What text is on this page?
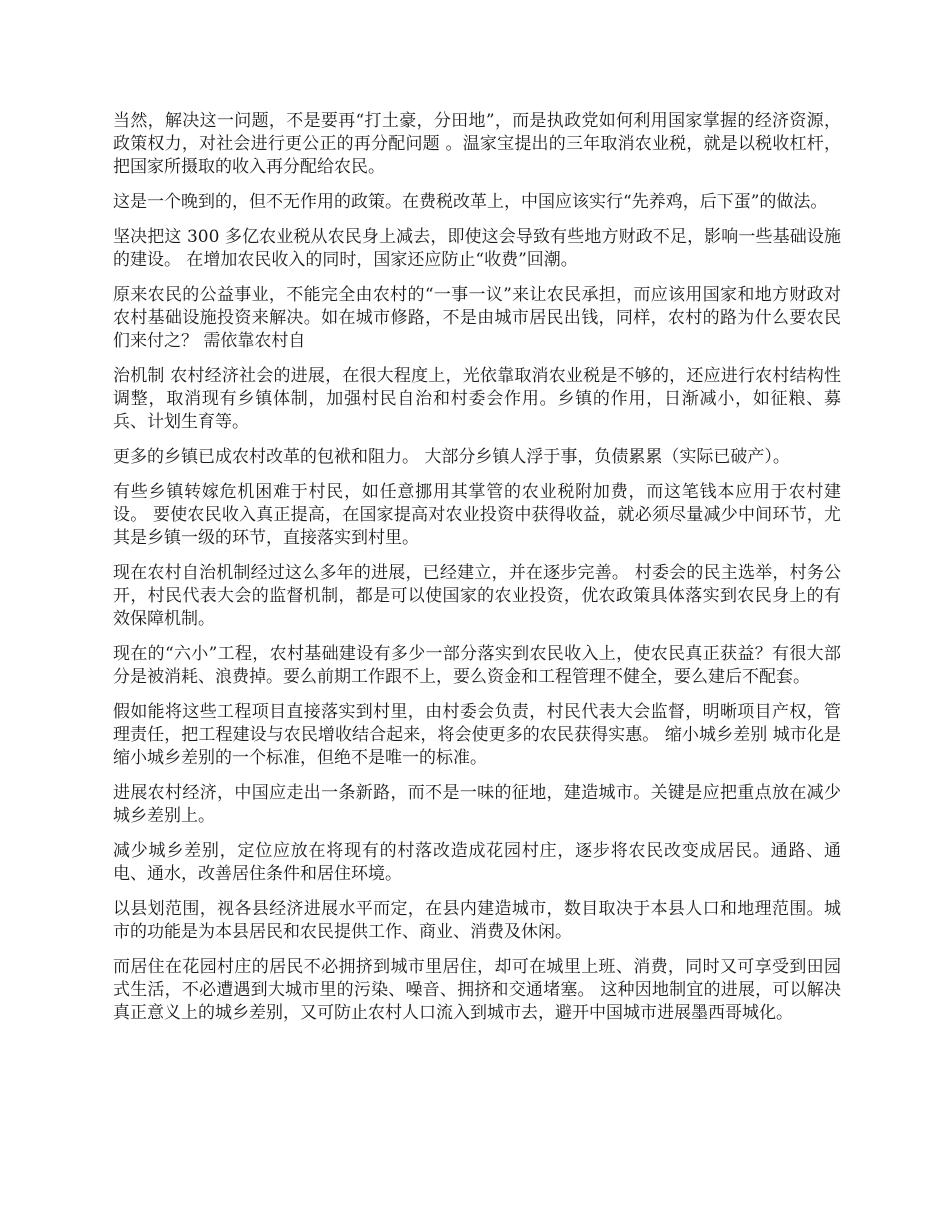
当然，解决这一问题，不是要再“打土豪，分田地”，而是执政党如何利用国家掌握的经济资源，政策权力，对社会进行更公正的再分配问题 。温家宝提出的三年取消农业税，就是以税收杠杆，把国家所摄取的收入再分配给农民。

这是一个晚到的，但不无作用的政策。在费税改革上，中国应该实行“先养鸡，后下蛋”的做法。

坚决把这 300 多亿农业税从农民身上减去，即使这会导致有些地方财政不足，影响一些基础设施的建设。 在增加农民收入的同时，国家还应防止“收费”回潮。

原来农民的公益事业，不能完全由农村的“一事一议”来让农民承担，而应该用国家和地方财政对农村基础设施投资来解决。如在城市修路，不是由城市居民出钱，同样，农村的路为什么要农民们来付之？ 需依靠农村自

治机制 农村经济社会的进展，在很大程度上，光依靠取消农业税是不够的，还应进行农村结构性调整，取消现有乡镇体制，加强村民自治和村委会作用。乡镇的作用，日渐减小，如征粮、募兵、计划生育等。

更多的乡镇已成农村改革的包袱和阻力。 大部分乡镇人浮于事，负债累累（实际已破产）。

有些乡镇转嫁危机困难于村民，如任意挪用其掌管的农业税附加费，而这笔钱本应用于农村建设。 要使农民收入真正提高，在国家提高对农业投资中获得收益，就必须尽量减少中间环节，尤其是乡镇一级的环节，直接落实到村里。

现在农村自治机制经过这么多年的进展，已经建立，并在逐步完善。 村委会的民主选举，村务公开，村民代表大会的监督机制，都是可以使国家的农业投资，优农政策具体落实到农民身上的有效保障机制。

现在的“六小”工程，农村基础建设有多少一部分落实到农民收入上，使农民真正获益？有很大部分是被消耗、浪费掉。要么前期工作跟不上，要么资金和工程管理不健全，要么建后不配套。

假如能将这些工程项目直接落实到村里，由村委会负责，村民代表大会监督，明晰项目产权，管理责任，把工程建设与农民增收结合起来，将会使更多的农民获得实惠。 缩小城乡差别 城市化是缩小城乡差别的一个标准，但绝不是唯一的标准。

进展农村经济，中国应走出一条新路，而不是一味的征地，建造城市。关键是应把重点放在减少城乡差别上。

减少城乡差别，定位应放在将现有的村落改造成花园村庄，逐步将农民改变成居民。通路、通电、通水，改善居住条件和居住环境。

以县划范围，视各县经济进展水平而定，在县内建造城市，数目取决于本县人口和地理范围。城市的功能是为本县居民和农民提供工作、商业、消费及休闲。

而居住在花园村庄的居民不必拥挤到城市里居住，却可在城里上班、消费，同时又可享受到田园式生活，不必遭遇到大城市里的污染、噪音、拥挤和交通堵塞。 这种因地制宜的进展，可以解决真正意义上的城乡差别，又可防止农村人口流入到城市去，避开中国城市进展墨西哥城化。
